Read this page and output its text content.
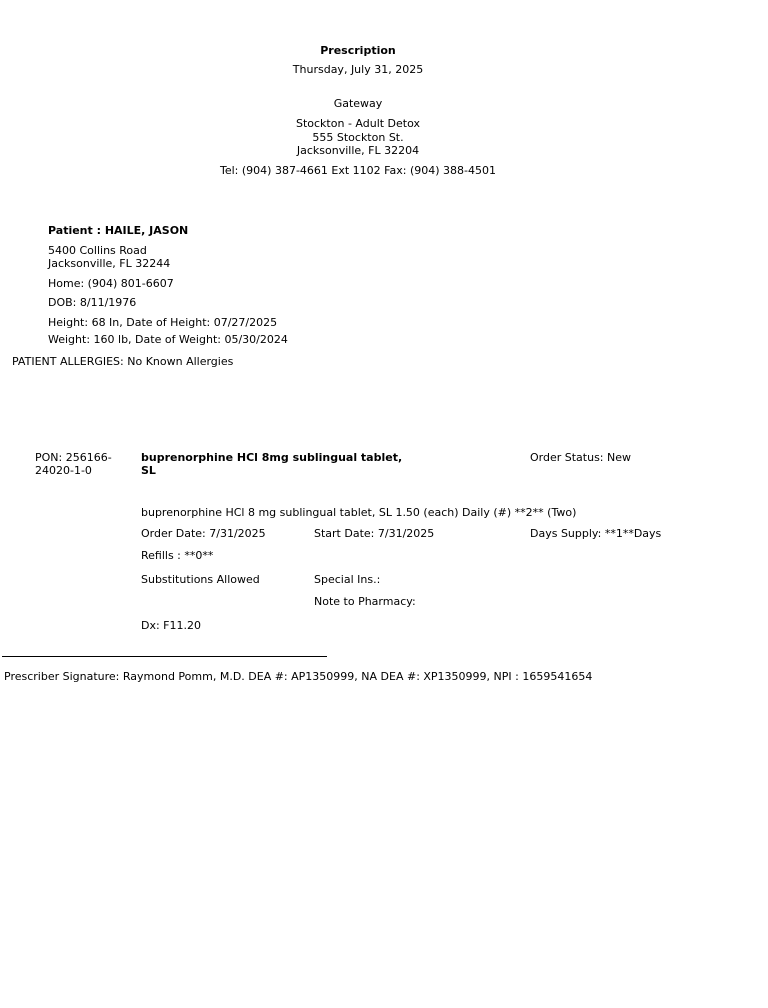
Prescription
Thursday, July 31, 2025
Gateway
Stockton - Adult Detox
555 Stockton St.
Jacksonville, FL 32204
Tel: (904) 387-4661 Ext 1102 Fax: (904) 388-4501
Patient : HAILE, JASON
5400 Collins Road
Jacksonville, FL 32244
Home: (904) 801-6607
DOB: 8/11/1976
Height: 68 In, Date of Height: 07/27/2025
Weight: 160 lb, Date of Weight: 05/30/2024
PATIENT ALLERGIES: No Known Allergies
PON: 256166-
24020-1-0
buprenorphine HCl 8mg sublingual tablet,
SL
Order Status: New
buprenorphine HCl 8 mg sublingual tablet, SL 1.50 (each) Daily (#) **2** (Two)
Order Date: 7/31/2025	Start Date: 7/31/2025	Days Supply: **1**Days
Refills : **0**
Substitutions Allowed	Special Ins.:
Note to Pharmacy:
Dx: F11.20
Prescriber Signature: Raymond Pomm, M.D. DEA #: AP1350999, NA DEA #: XP1350999, NPI : 1659541654
